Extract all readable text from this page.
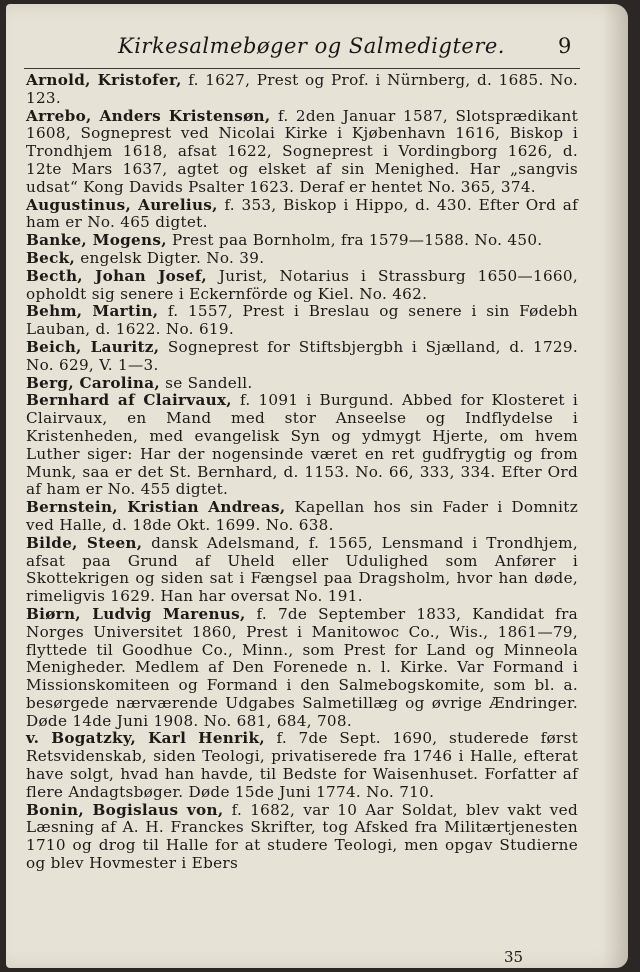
Kirkesalmebøger og Salmedigtere.	9

Arnold, Kristofer, f. 1627, Prest og Prof. i Nürnberg, d. 1685. No. 123.

Arrebo, Anders Kristensøn, f. 2den Januar 1587, Slotsprædikant 1608, Sogneprest ved Nicolai Kirke i Kjøbenhavn 1616, Biskop i Trondhjem 1618, afsat 1622, Sogneprest i Vordingborg 1626, d. 12te Mars 1637, agtet og elsket af sin Menighed. Har „sangvis udsat“ Kong Davids Psalter 1623. Deraf er hentet No. 365, 374.

Augustinus, Aurelius, f. 353, Biskop i Hippo, d. 430. Efter Ord af ham er No. 465 digtet.

Banke, Mogens, Prest paa Bornholm, fra 1579—1588. No. 450.

Beck, engelsk Digter. No. 39.

Becth, Johan Josef, Jurist, Notarius i Strassburg 1650—1660, opholdt sig senere i Eckernförde og Kiel. No. 462.

Behm, Martin, f. 1557, Prest i Breslau og senere i sin Fødebh Lauban, d. 1622. No. 619.

Beich, Lauritz, Sogneprest for Stiftsbjergbh i Sjælland, d. 1729. No. 629, V. 1—3.

Berg, Carolina, se Sandell.

Bernhard af Clairvaux, f. 1091 i Burgund. Abbed for Klosteret i Clairvaux, en Mand med stor Anseelse og Indflydelse i Kristenheden, med evangelisk Syn og ydmygt Hjerte, om hvem Luther siger: Har der nogensinde været en ret gudfrygtig og from Munk, saa er det St. Bernhard, d. 1153. No. 66, 333, 334. Efter Ord af ham er No. 455 digtet.

Bernstein, Kristian Andreas, Kapellan hos sin Fader i Domnitz ved Halle, d. 18de Okt. 1699. No. 638.

Bilde, Steen, dansk Adelsmand, f. 1565, Lensmand i Trondhjem, afsat paa Grund af Uheld eller Udulighed som Anfører i Skottekrigen og siden sat i Fængsel paa Dragsholm, hvor han døde, rimeligvis 1629. Han har oversat No. 191.

Biørn, Ludvig Marenus, f. 7de September 1833, Kandidat fra Norges Universitet 1860, Prest i Manitowoc Co., Wis., 1861—79, flyttede til Goodhue Co., Minn., som Prest for Land og Minneola Menigheder. Medlem af Den Forenede n. l. Kirke. Var Formand i Missionskomiteen og Formand i den Salmebogskomite, som bl. a. besørgede nærværende Udgabes Salmetillæg og øvrige Ændringer. Døde 14de Juni 1908. No. 681, 684, 708.

v. Bogatzky, Karl Henrik, f. 7de Sept. 1690, studerede først Retsvidenskab, siden Teologi, privatiserede fra 1746 i Halle, efterat have solgt, hvad han havde, til Bedste for Waisenhuset. Forfatter af flere Andagtsbøger. Døde 15de Juni 1774. No. 710.

Bonin, Bogislaus von, f. 1682, var 10 Aar Soldat, blev vakt ved Læsning af A. H. Franckes Skrifter, tog Afsked fra Militærtjenesten 1710 og drog til Halle for at studere Teologi, men opgav Studierne og blev Hovmester i Ebers

35
